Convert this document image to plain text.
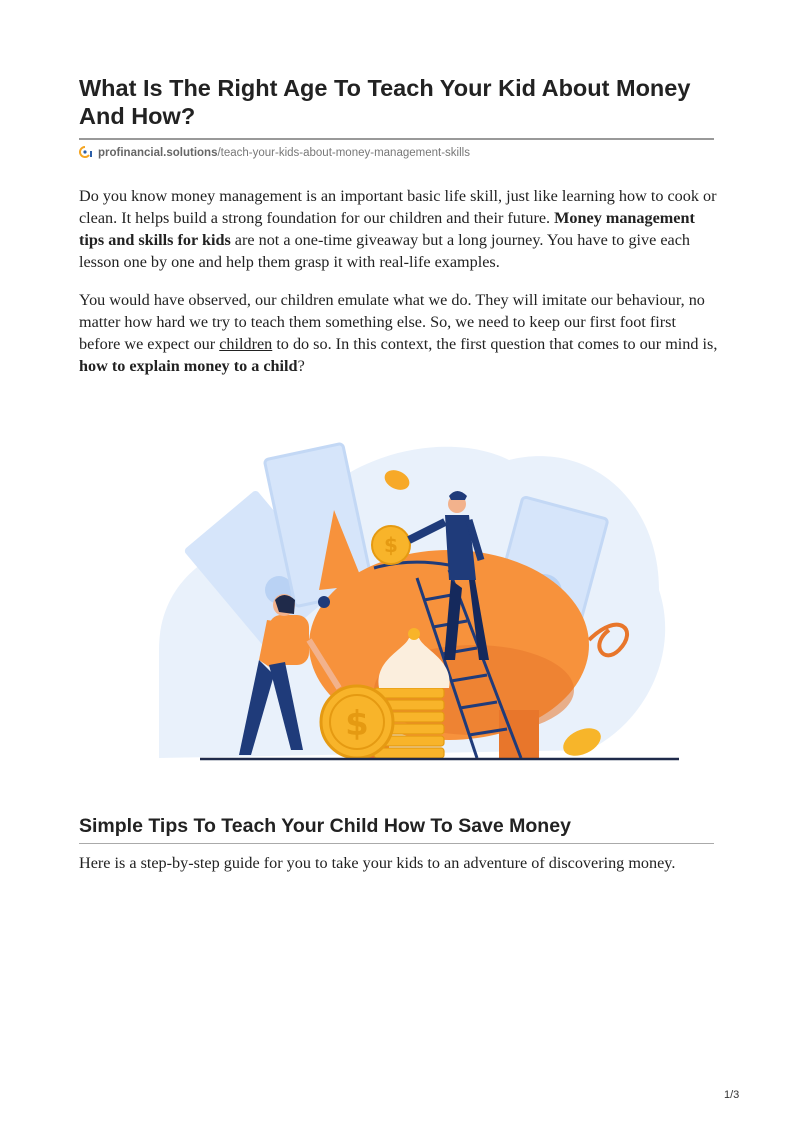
What Is The Right Age To Teach Your Kid About Money And How?
profinancial.solutions/teach-your-kids-about-money-management-skills

Do you know money management is an important basic life skill, just like learning how to cook or clean. It helps build a strong foundation for our children and their future. Money management tips and skills for kids are not a one-time giveaway but a long journey. You have to give each lesson one by one and help them grasp it with real-life examples.

You would have observed, our children emulate what we do. They will imitate our behaviour, no matter how hard we try to teach them something else. So, we need to keep our first foot first before we expect our children to do so. In this context, the first question that comes to our mind is, how to explain money to a child?

$
$
Simple Tips To Teach Your Child How To Save Money

Here is a step-by-step guide for you to take your kids to an adventure of discovering money.

1/3
